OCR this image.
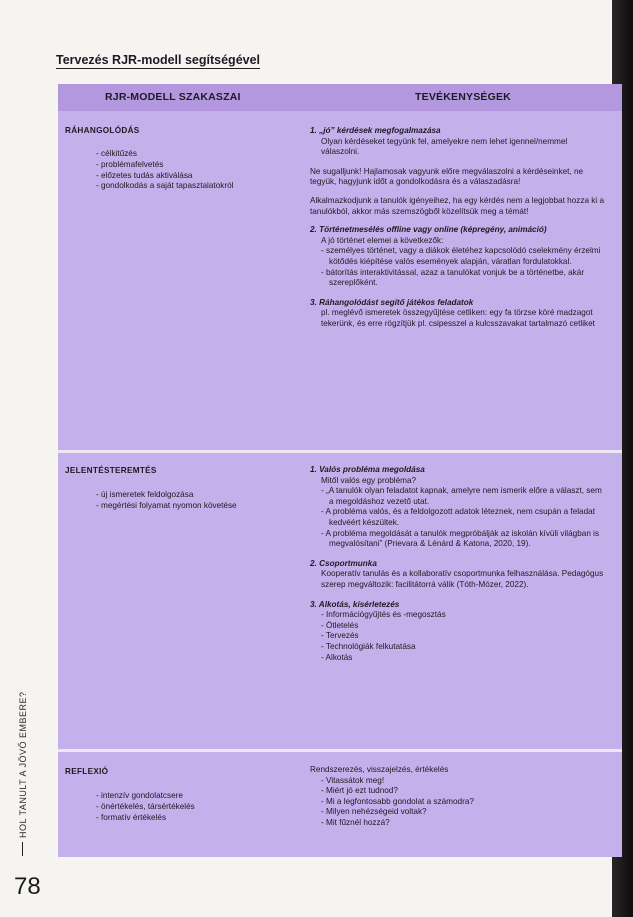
Tervezés RJR-modell segítségével
RJR-MODELL SZAKASZAI	TEVÉKENYSÉGEK
RÁHANGOLÓDÁS
- célkitűzés
- problémafelvetés
- előzetes tudás aktiválása
- gondolkodás a saját tapasztalatokról
1. „jó” kérdések megfogalmazása
Olyan kérdéseket tegyünk fel, amelyekre nem lehet igennel/nemmel válaszolni.

Ne sugalljunk! Hajlamosak vagyunk előre megválaszolni a kérdéseinket, ne tegyük, hagyjunk időt a gondolkodásra és a válaszadásra!

Alkalmazkodjunk a tanulók igényeihez, ha egy kérdés nem a legjobbat hozza ki a tanulókból, akkor más szemszögből közelítsük meg a témát!

2. Történetmesélés offline vagy online (képregény, animáció)
A jó történet elemei a következők:
- személyes történet, vagy a diákok életéhez kapcsolódó cselekmény érzelmi kötődés kiépítése valós események alapján, váratlan fordulatokkal.
- bátorítás interaktivitással, azaz a tanulókat vonjuk be a történetbe, akár szereplőként.
3. Ráhangolódást segítő játékos feladatok
pl. meglévő ismeretek összegyűjtése cetliken: egy fa törzse köré madzagot tekerünk, és erre rögzítjük pl. csipesszel a kulcsszavakat tartalmazó cetliket
JELENTÉSTEREMTÉS
- új ismeretek feldolgozása
- megértési folyamat nyomon követése
1. Valós probléma megoldása
Mitől valós egy probléma?
- „A tanulók olyan feladatot kapnak, amelyre nem ismerik előre a választ, sem a megoldáshoz vezető utat.
- A probléma valós, és a feldolgozott adatok léteznek, nem csupán a feladat kedvéért készültek.
- A probléma megoldását a tanulók megpróbálják az iskolán kívüli világban is megvalósítani” (Prievara & Lénárd & Katona, 2020, 19).
2. Csoportmunka
Kooperatív tanulás és a kollaboratív csoportmunka felhasználása. Pedagógus szerep megváltozik: facilitátorrá válik (Tóth-Mózer, 2022).
3. Alkotás, kísérletezés
- Információgyűjtés és -megosztás
- Ötletelés
- Tervezés
- Technológiák felkutatása
- Alkotás
REFLEXIÓ
- intenzív gondolatcsere
- önértékelés, társértékelés
- formatív értékelés
Rendszerezés, visszajelzés, értékelés
- Vitassátok meg!
- Miért jó ezt tudnod?
- Mi a legfontosabb gondolat a számodra?
- Milyen nehézségeid voltak?
- Mit fűznél hozzá?
HOL TANULT A JÖVŐ EMBERE?
78
